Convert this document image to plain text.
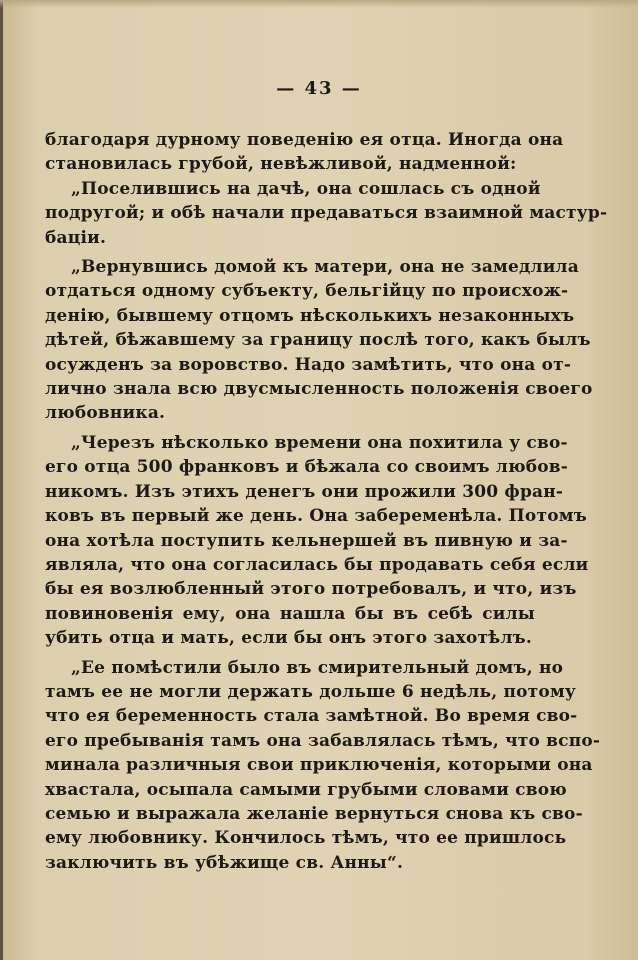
— 43 —
благодаря дурному поведенію ея отца. Иногда она
становилась грубой, невѣжливой, надменной:
„Поселившись на дачѣ, она сошлась съ одной
подругой; и обѣ начали предаваться взаимной мастур-
баціи.
„Вернувшись домой къ матери, она не замедлила
отдаться одному субъекту, бельгійцу по происхож-
денію, бывшему отцомъ нѣсколькихъ незаконныхъ
дѣтей, бѣжавшему за границу послѣ того, какъ былъ
осужденъ за воровство. Надо замѣтить, что она от-
лично знала всю двусмысленность положенія своего
любовника.
„Черезъ нѣсколько времени она похитила у сво-
его отца 500 франковъ и бѣжала со своимъ любов-
никомъ. Изъ этихъ денегъ они прожили 300 фран-
ковъ въ первый же день. Она забеременѣла. Потомъ
она хотѣла поступить кельнершей въ пивную и за-
являла, что она согласилась бы продавать себя если
бы ея возлюбленный этого потребовалъ, и что, изъ
повиновенія ему, она нашла бы въ себѣ силы
убить отца и мать, если бы онъ этого захотѣлъ.
„Ее помѣстили было въ смирительный домъ, но
тамъ ее не могли держать дольше 6 недѣль, потому
что ея беременность стала замѣтной. Во время сво-
его пребыванія тамъ она забавлялась тѣмъ, что вспо-
минала различныя свои приключенія, которыми она
хвастала, осыпала самыми грубыми словами свою
семью и выражала желаніе вернуться снова къ сво-
ему любовнику. Кончилось тѣмъ, что ее пришлось
заключить въ убѣжище св. Анны“.
